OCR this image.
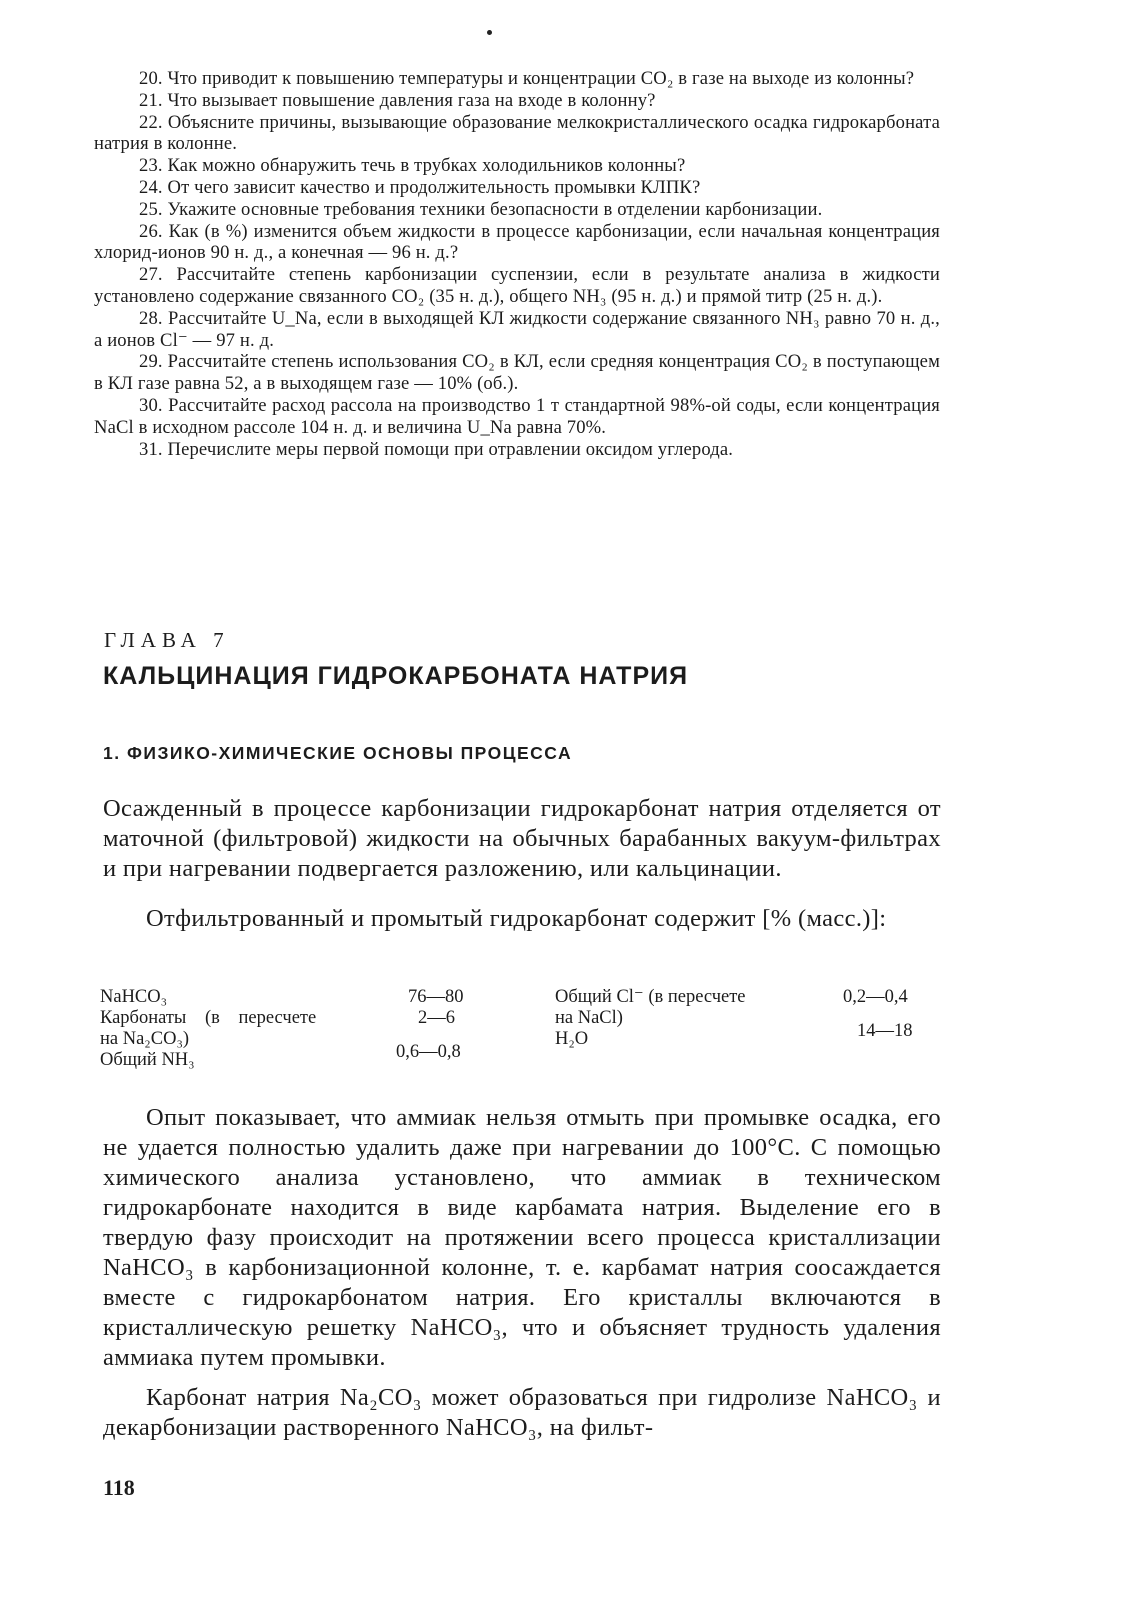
20. Что приводит к повышению температуры и концентрации CO₂ в газе на выходе из колонны?
21. Что вызывает повышение давления газа на входе в колонну?
22. Объясните причины, вызывающие образование мелкокристаллического осадка гидрокарбоната натрия в колонне.
23. Как можно обнаружить течь в трубках холодильников колонны?
24. От чего зависит качество и продолжительность промывки КЛПК?
25. Укажите основные требования техники безопасности в отделении карбонизации.
26. Как (в %) изменится объем жидкости в процессе карбонизации, если начальная концентрация хлорид-ионов 90 н. д., а конечная — 96 н. д.?
27. Рассчитайте степень карбонизации суспензии, если в результате анализа в жидкости установлено содержание связанного CO₂ (35 н. д.), общего NH₃ (95 н. д.) и прямой титр (25 н. д.).
28. Рассчитайте U_Na, если в выходящей КЛ жидкости содержание связанного NH₃ равно 70 н. д., а ионов Cl⁻ — 97 н. д.
29. Рассчитайте степень использования CO₂ в КЛ, если средняя концентрация CO₂ в поступающем в КЛ газе равна 52, а в выходящем газе — 10% (об.).
30. Рассчитайте расход рассола на производство 1 т стандартной 98%-ой соды, если концентрация NaCl в исходном рассоле 104 н. д. и величина U_Na равна 70%.
31. Перечислите меры первой помощи при отравлении оксидом углерода.
ГЛАВА 7
КАЛЬЦИНАЦИЯ ГИДРОКАРБОНАТА НАТРИЯ
1. ФИЗИКО-ХИМИЧЕСКИЕ ОСНОВЫ ПРОЦЕССА
Осажденный в процессе карбонизации гидрокарбонат натрия отделяется от маточной (фильтровой) жидкости на обычных барабанных вакуум-фильтрах и при нагревании подвергается разложению, или кальцинации.
Отфильтрованный и промытый гидрокарбонат содержит [% (масс.)]:
NaHCO₃	76—80
Карбонаты (в пересчете	2—6
на Na₂CO₃)
Общий NH₃	0,6—0,8
Общий Cl⁻ (в пересчете	0,2—0,4
на NaCl)
H₂O	14—18
Опыт показывает, что аммиак нельзя отмыть при промывке осадка, его не удается полностью удалить даже при нагревании до 100°С. С помощью химического анализа установлено, что аммиак в техническом гидрокарбонате находится в виде карбамата натрия. Выделение его в твердую фазу происходит на протяжении всего процесса кристаллизации NaHCO₃ в карбонизационной колонне, т. е. карбамат натрия соосаждается вместе с гидрокарбонатом натрия. Его кристаллы включаются в кристаллическую решетку NaHCO₃, что и объясняет трудность удаления аммиака путем промывки.
Карбонат натрия Na₂CO₃ может образоваться при гидролизе NaHCO₃ и декарбонизации растворенного NaHCO₃, на фильт-
118
